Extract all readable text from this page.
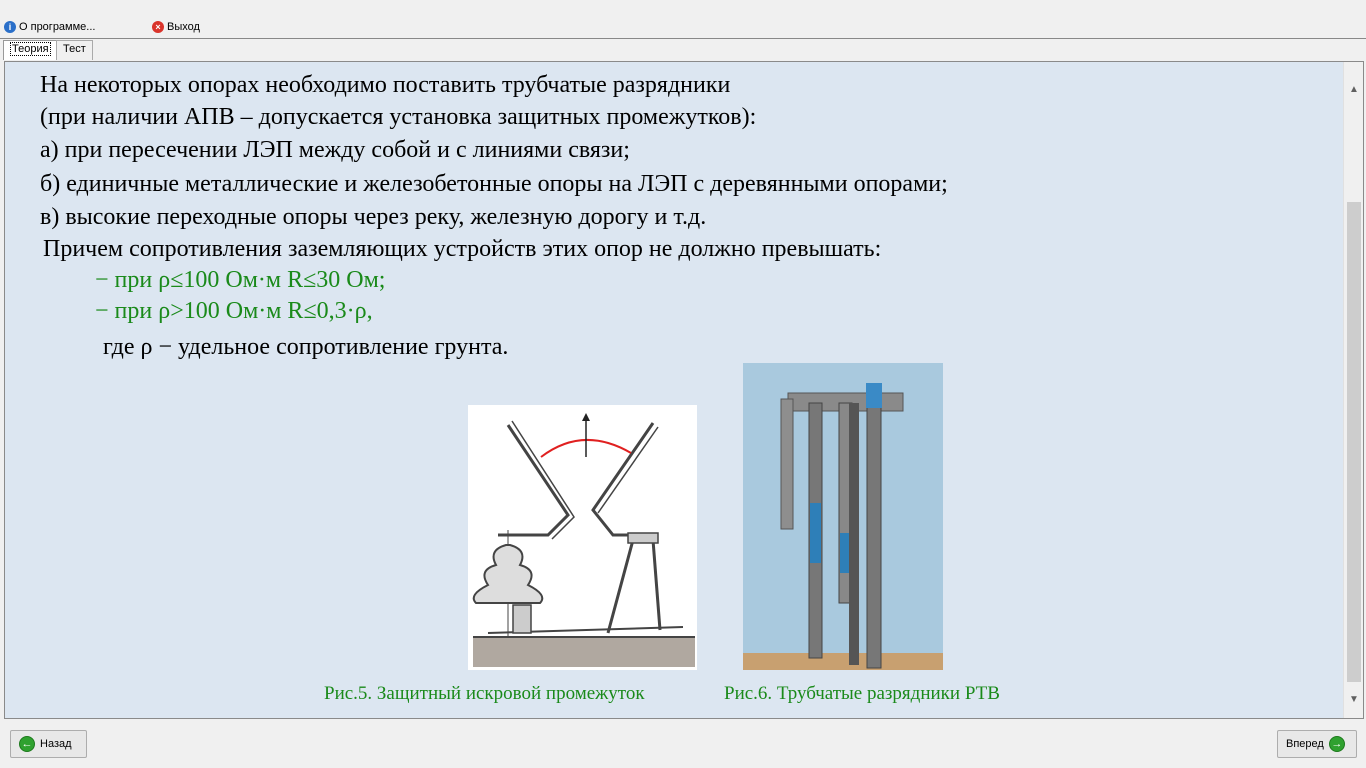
i О программе...	× Выход
Теория	Тест
На некоторых опорах необходимо поставить трубчатые разрядники
(при наличии АПВ – допускается установка защитных промежутков):
а) при пересечении ЛЭП между собой и с линиями связи;
б) единичные металлические и железобетонные опоры на ЛЭП с деревянными опорами;
в) высокие переходные опоры через реку, железную дорогу и т.д.
Причем сопротивления заземляющих устройств этих опор не должно превышать:
− при ρ≤100 Ом·м R≤30 Ом;
− при ρ>100 Ом·м R≤0,3·ρ,
где ρ − удельное сопротивление грунта.
Рис.5. Защитный искровой промежуток	Рис.6. Трубчатые разрядники РТВ
▲
▼
← Назад	Вперед →
